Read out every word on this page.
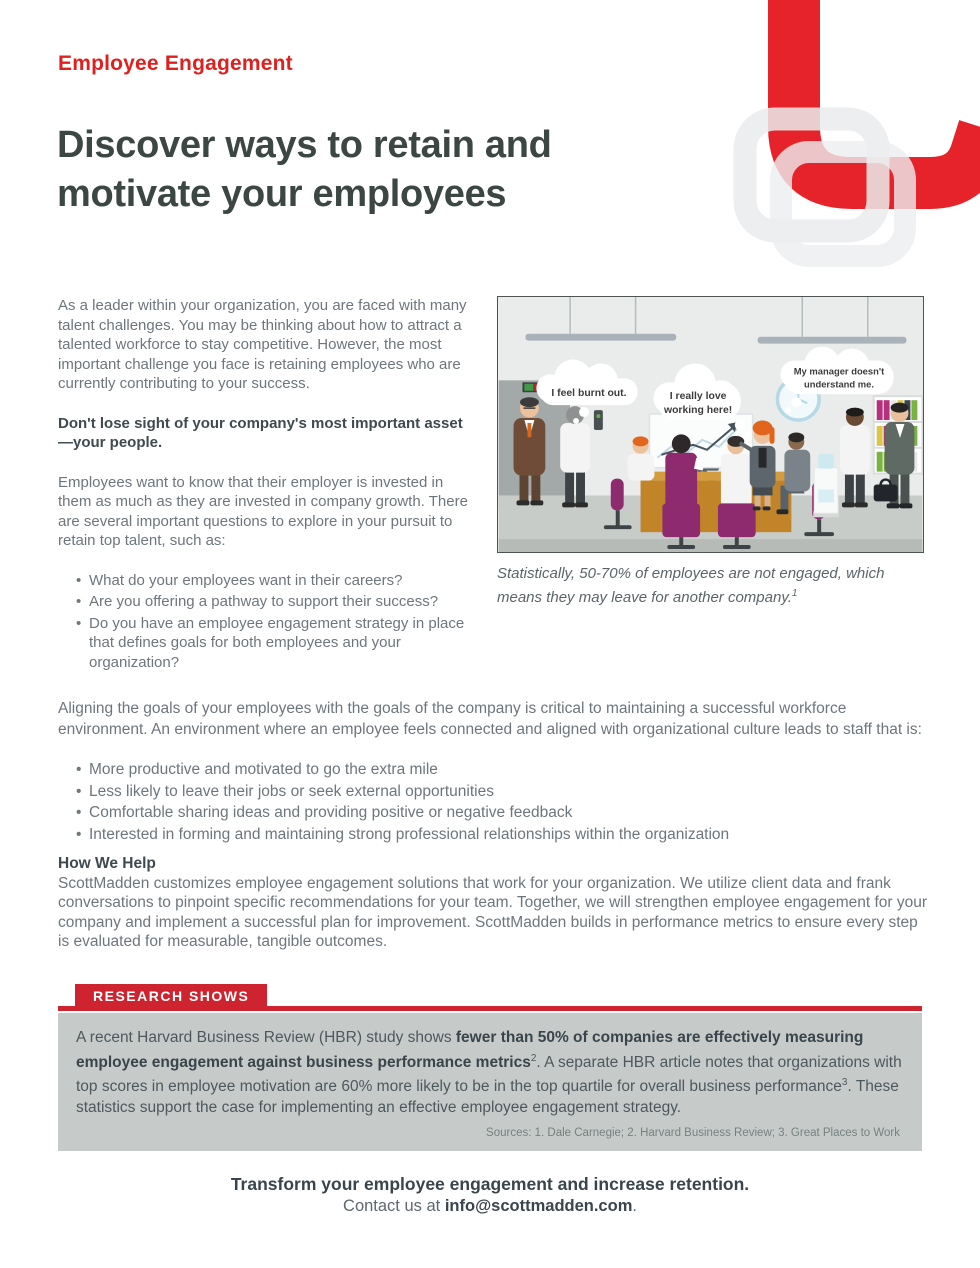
Employee Engagement
Discover ways to retain and motivate your employees

As a leader within your organization, you are faced with many talent challenges. You may be thinking about how to attract a talented workforce to stay competitive. However, the most important challenge you face is retaining employees who are currently contributing to your success.

Don't lose sight of your company's most important asset—your people.

Employees want to know that their employer is invested in them as much as they are invested in company growth. There are several important questions to explore in your pursuit to retain top talent, such as:

• What do your employees want in their careers?
• Are you offering a pathway to support their success?
• Do you have an employee engagement strategy in place that defines goals for both employees and your organization?
I feel burnt out.	I really love
working here!
My manager doesn't
understand me.
Statistically, 50-70% of employees are not engaged, which means they may leave for another company.$^1$

Aligning the goals of your employees with the goals of the company is critical to maintaining a successful workforce environment. An environment where an employee feels connected and aligned with organizational culture leads to staff that is:

• More productive and motivated to go the extra mile
• Less likely to leave their jobs or seek external opportunities
• Comfortable sharing ideas and providing positive or negative feedback
• Interested in forming and maintaining strong professional relationships within the organization

How We Help

ScottMadden customizes employee engagement solutions that work for your organization. We utilize client data and frank conversations to pinpoint specific recommendations for your team. Together, we will strengthen employee engagement for your company and implement a successful plan for improvement. ScottMadden builds in performance metrics to ensure every step is evaluated for measurable, tangible outcomes.

RESEARCH SHOWS

A recent Harvard Business Review (HBR) study shows fewer than 50% of companies are effectively measuring employee engagement against business performance metrics$^2$. A separate HBR article notes that organizations with top scores in employee motivation are 60% more likely to be in the top quartile for overall business performance$^3$. These statistics support the case for implementing an effective employee engagement strategy.

Sources: 1. Dale Carnegie; 2. Harvard Business Review; 3. Great Places to Work

Transform your employee engagement and increase retention.

Contact us at info@scottmadden.com.
